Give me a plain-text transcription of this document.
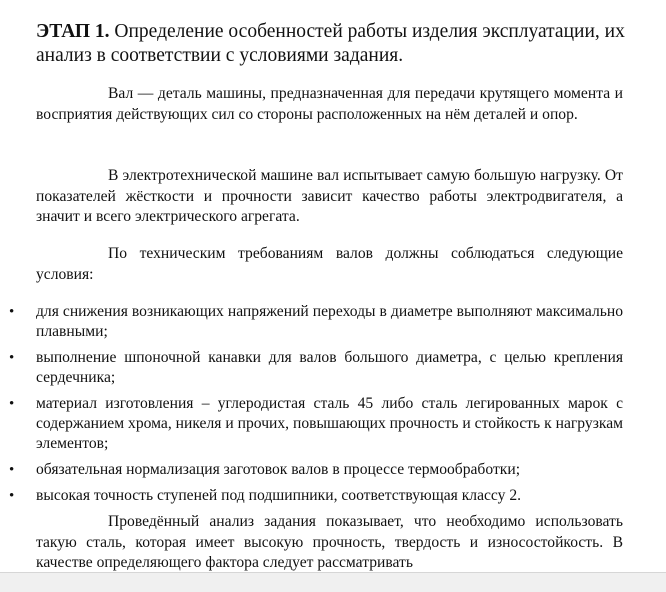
ЭТАП 1. Определение особенностей работы изделия эксплуатации, их анализ в соответствии с условиями задания.

Вал — деталь машины, предназначенная для передачи крутящего момента и восприятия действующих сил со стороны расположенных на нём деталей и опор.

В электротехнической машине вал испытывает самую большую нагрузку. От показателей жёсткости и прочности зависит качество работы электродвигателя, а значит и всего электрического агрегата.

По техническим требованиям валов должны соблюдаться следующие условия:

• для снижения возникающих напряжений переходы в диаметре выполняют максимально плавными;
• выполнение шпоночной канавки для валов большого диаметра, с целью крепления сердечника;
• материал изготовления – углеродистая сталь 45 либо сталь легированных марок с содержанием хрома, никеля и прочих, повышающих прочность и стойкость к нагрузкам элементов;
• обязательная нормализация заготовок валов в процессе термообработки;
• высокая точность ступеней под подшипники, соответствующая классу 2.

Проведённый анализ задания показывает, что необходимо использовать такую сталь, которая имеет высокую прочность, твердость и износостойкость. В качестве определяющего фактора следует рассматривать
